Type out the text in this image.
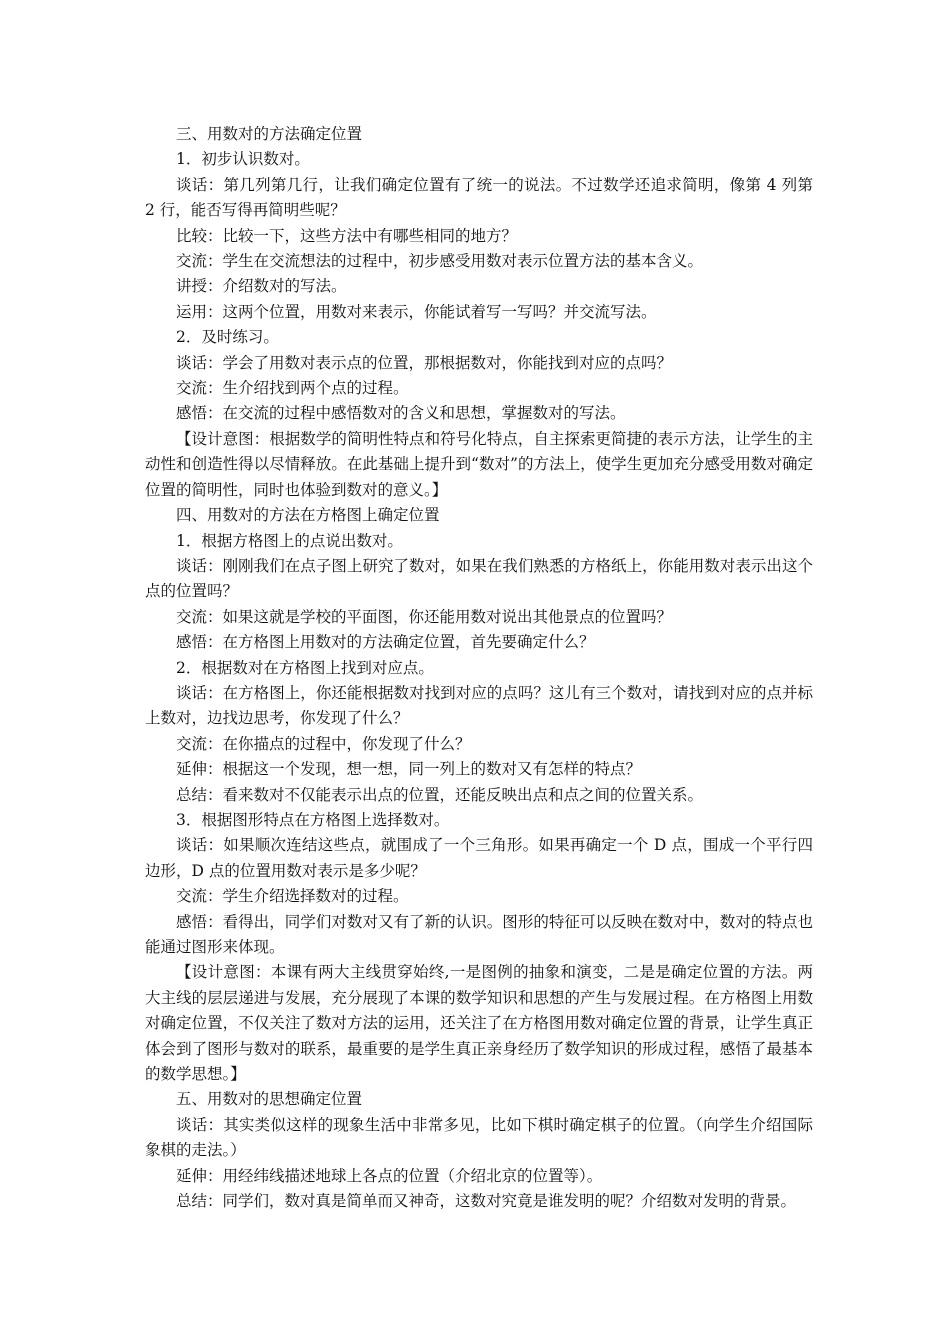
三、用数对的方法确定位置

1．初步认识数对。

谈话：第几列第几行，让我们确定位置有了统一的说法。不过数学还追求简明，像第 4 列第 2 行，能否写得再简明些呢？

比较：比较一下，这些方法中有哪些相同的地方？

交流：学生在交流想法的过程中，初步感受用数对表示位置方法的基本含义。

讲授：介绍数对的写法。

运用：这两个位置，用数对来表示，你能试着写一写吗？并交流写法。

2．及时练习。

谈话：学会了用数对表示点的位置，那根据数对，你能找到对应的点吗？

交流：生介绍找到两个点的过程。

感悟：在交流的过程中感悟数对的含义和思想，掌握数对的写法。

【设计意图：根据数学的简明性特点和符号化特点，自主探索更简捷的表示方法，让学生的主动性和创造性得以尽情释放。在此基础上提升到“数对”的方法上，使学生更加充分感受用数对确定位置的简明性，同时也体验到数对的意义。】

四、用数对的方法在方格图上确定位置

1．根据方格图上的点说出数对。

谈话：刚刚我们在点子图上研究了数对，如果在我们熟悉的方格纸上，你能用数对表示出这个点的位置吗？

交流：如果这就是学校的平面图，你还能用数对说出其他景点的位置吗？

感悟：在方格图上用数对的方法确定位置，首先要确定什么？

2．根据数对在方格图上找到对应点。

谈话：在方格图上，你还能根据数对找到对应的点吗？这儿有三个数对，请找到对应的点并标上数对，边找边思考，你发现了什么？

交流：在你描点的过程中，你发现了什么？

延伸：根据这一个发现，想一想，同一列上的数对又有怎样的特点？

总结：看来数对不仅能表示出点的位置，还能反映出点和点之间的位置关系。

3．根据图形特点在方格图上选择数对。

谈话：如果顺次连结这些点，就围成了一个三角形。如果再确定一个 D 点，围成一个平行四边形，D 点的位置用数对表示是多少呢？

交流：学生介绍选择数对的过程。

感悟：看得出，同学们对数对又有了新的认识。图形的特征可以反映在数对中，数对的特点也能通过图形来体现。

【设计意图：本课有两大主线贯穿始终,一是图例的抽象和演变，二是是确定位置的方法。两大主线的层层递进与发展，充分展现了本课的数学知识和思想的产生与发展过程。在方格图上用数对确定位置，不仅关注了数对方法的运用，还关注了在方格图用数对确定位置的背景，让学生真正体会到了图形与数对的联系，最重要的是学生真正亲身经历了数学知识的形成过程，感悟了最基本的数学思想。】

五、用数对的思想确定位置

谈话：其实类似这样的现象生活中非常多见，比如下棋时确定棋子的位置。（向学生介绍国际象棋的走法。）

延伸：用经纬线描述地球上各点的位置（介绍北京的位置等）。

总结：同学们，数对真是简单而又神奇，这数对究竟是谁发明的呢？介绍数对发明的背景。
